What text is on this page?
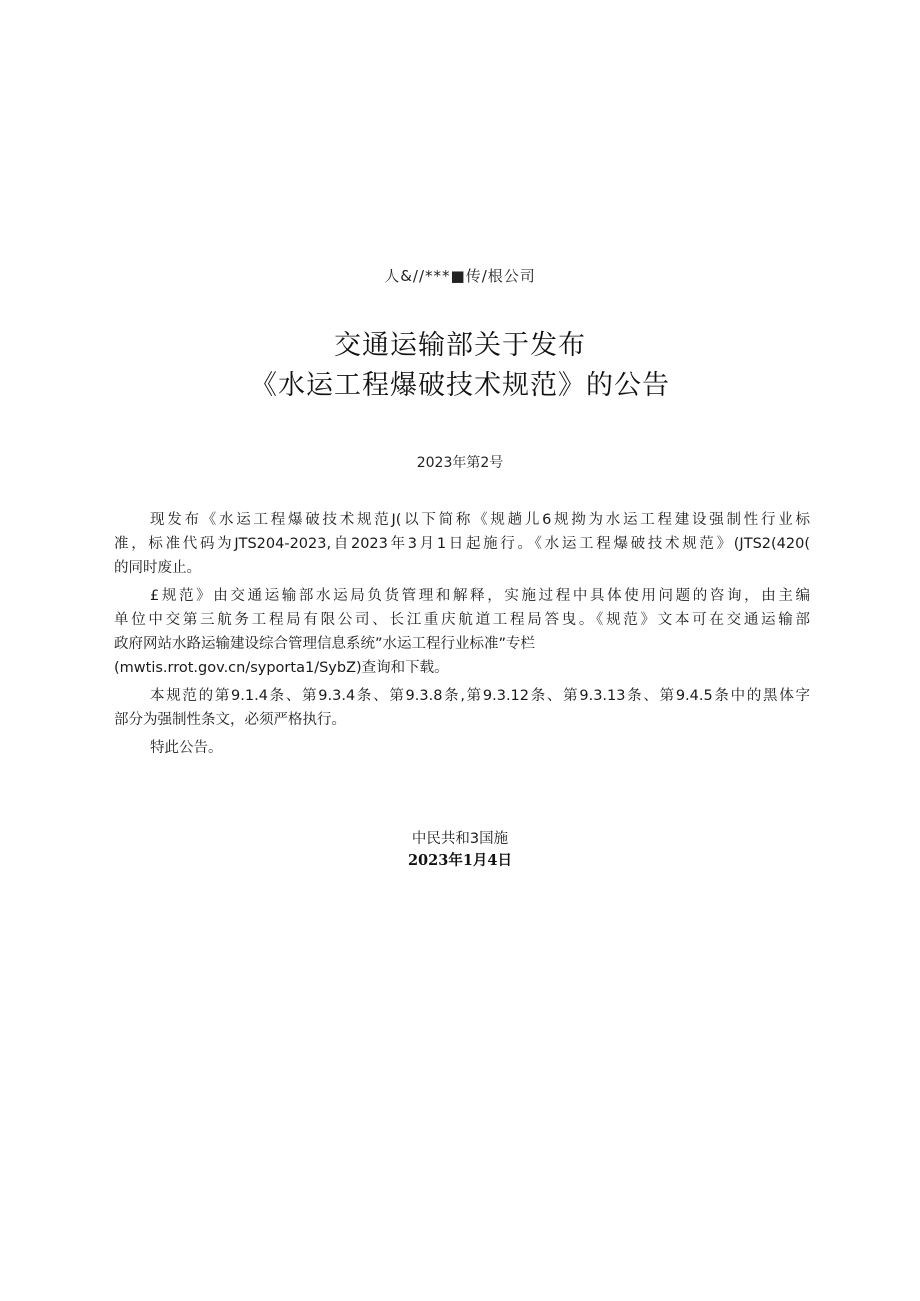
人&//***■传/根公司
交通运输部关于发布
《水运工程爆破技术规范》的公告
2023年第2号

现发布《水运工程爆破技术规范J(以下简称《规趟儿6规拗为水运工程建设强制性行业标
准，标准代码为JTS204-2023,自2023年3月1日起施行。《水运工程爆破技术规范》(JTS2(420(
的同时废止。

£规范》由交通运输部水运局负货管理和解释，实施过程中具体使用问题的咨询，由主编
单位中交第三航务工程局有限公司、长江重庆航道工程局答曳。《规范》文本可在交通运输部
政府网站水路运输建设综合管理信息系统”水运工程行业标准”专栏
(mwtis.rrot.gov.cn∕syporta1∕SybZ)查询和下载。

本规范的第9.1.4条、第9.3.4条、第9.3.8条,第9.3.12条、第9.3.13条、第9.4.5条中的黑体字
部分为强制性条文，必须严格执行。

特此公告。

中民共和3国施
2023年1月4日
